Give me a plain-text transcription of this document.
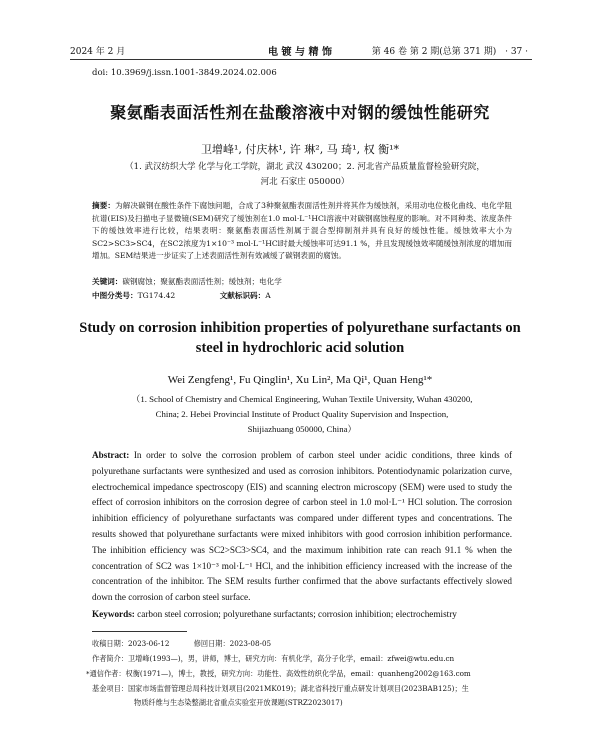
2024 年 2 月	电 镀 与 精 饰	第 46 卷 第 2 期(总第 371 期) · 37 ·
doi: 10.3969/j.issn.1001-3849.2024.02.006
聚氨酯表面活性剂在盐酸溶液中对钢的缓蚀性能研究
卫增峰¹, 付庆林¹, 许 琳², 马 琦¹, 权 衡¹*
（1. 武汉纺织大学 化学与化工学院，湖北 武汉 430200；2. 河北省产品质量监督检验研究院，
河北 石家庄 050000）
摘要：为解决碳钢在酸性条件下腐蚀问题，合成了3种聚氨酯表面活性剂并将其作为缓蚀剂，采用动电位极化曲线、电化学阻抗谱(EIS)及扫描电子显微镜(SEM)研究了缓蚀剂在1.0 mol·L⁻¹HCl溶液中对碳钢腐蚀程度的影响。对不同种类、浓度条件下的缓蚀效率进行比较，结果表明：聚氨酯表面活性剂属于混合型抑制剂并具有良好的缓蚀性能。缓蚀效率大小为SC2>SC3>SC4，在SC2浓度为1×10⁻³ mol·L⁻¹HCl时最大缓蚀率可达91.1 %，并且发现缓蚀效率随缓蚀剂浓度的增加而增加。SEM结果进一步证实了上述表面活性剂有效减缓了碳钢表面的腐蚀。
关键词：碳钢腐蚀；聚氨酯表面活性剂；缓蚀剂；电化学
中图分类号：TG174.42	文献标识码：A
Study on corrosion inhibition properties of polyurethane surfactants on
steel in hydrochloric acid solution
Wei Zengfeng¹, Fu Qinglin¹, Xu Lin², Ma Qi¹, Quan Heng¹*
（1. School of Chemistry and Chemical Engineering, Wuhan Textile University, Wuhan 430200,
China; 2. Hebei Provincial Institute of Product Quality Supervision and Inspection,
Shijiazhuang 050000, China）
Abstract: In order to solve the corrosion problem of carbon steel under acidic conditions, three kinds of polyurethane surfactants were synthesized and used as corrosion inhibitors. Potentiodynamic polarization curve, electrochemical impedance spectroscopy (EIS) and scanning electron microscopy (SEM) were used to study the effect of corrosion inhibitors on the corrosion degree of carbon steel in 1.0 mol·L⁻¹ HCl solution. The corrosion inhibition efficiency of polyurethane surfactants was compared under different types and concentrations. The results showed that polyurethane surfactants were mixed inhibitors with good corrosion inhibition performance. The inhibition efficiency was SC2>SC3>SC4, and the maximum inhibition rate can reach 91.1 % when the concentration of SC2 was 1×10⁻³ mol·L⁻¹ HCl, and the inhibition efficiency increased with the increase of the concentration of the inhibitor. The SEM results further confirmed that the above surfactants effectively slowed down the corrosion of carbon steel surface.
Keywords: carbon steel corrosion; polyurethane surfactants; corrosion inhibition; electrochemistry
收稿日期：2023-06-12	修回日期：2023-08-05
作者简介：卫增峰(1993—)，男，讲师，博士，研究方向：有机化学，高分子化学，email：zfwei@wtu.edu.cn
*通信作者：权衡(1971—)，博士，教授，研究方向：功能性、高效性纺织化学品，email：quanheng2002@163.com
基金项目：国家市场监督管理总局科技计划项目(2021MK019)；湖北省科技厅重点研发计划项目(2023BAB125)；生
物质纤维与生态染整湖北省重点实验室开放课题(STRZ2023017)
